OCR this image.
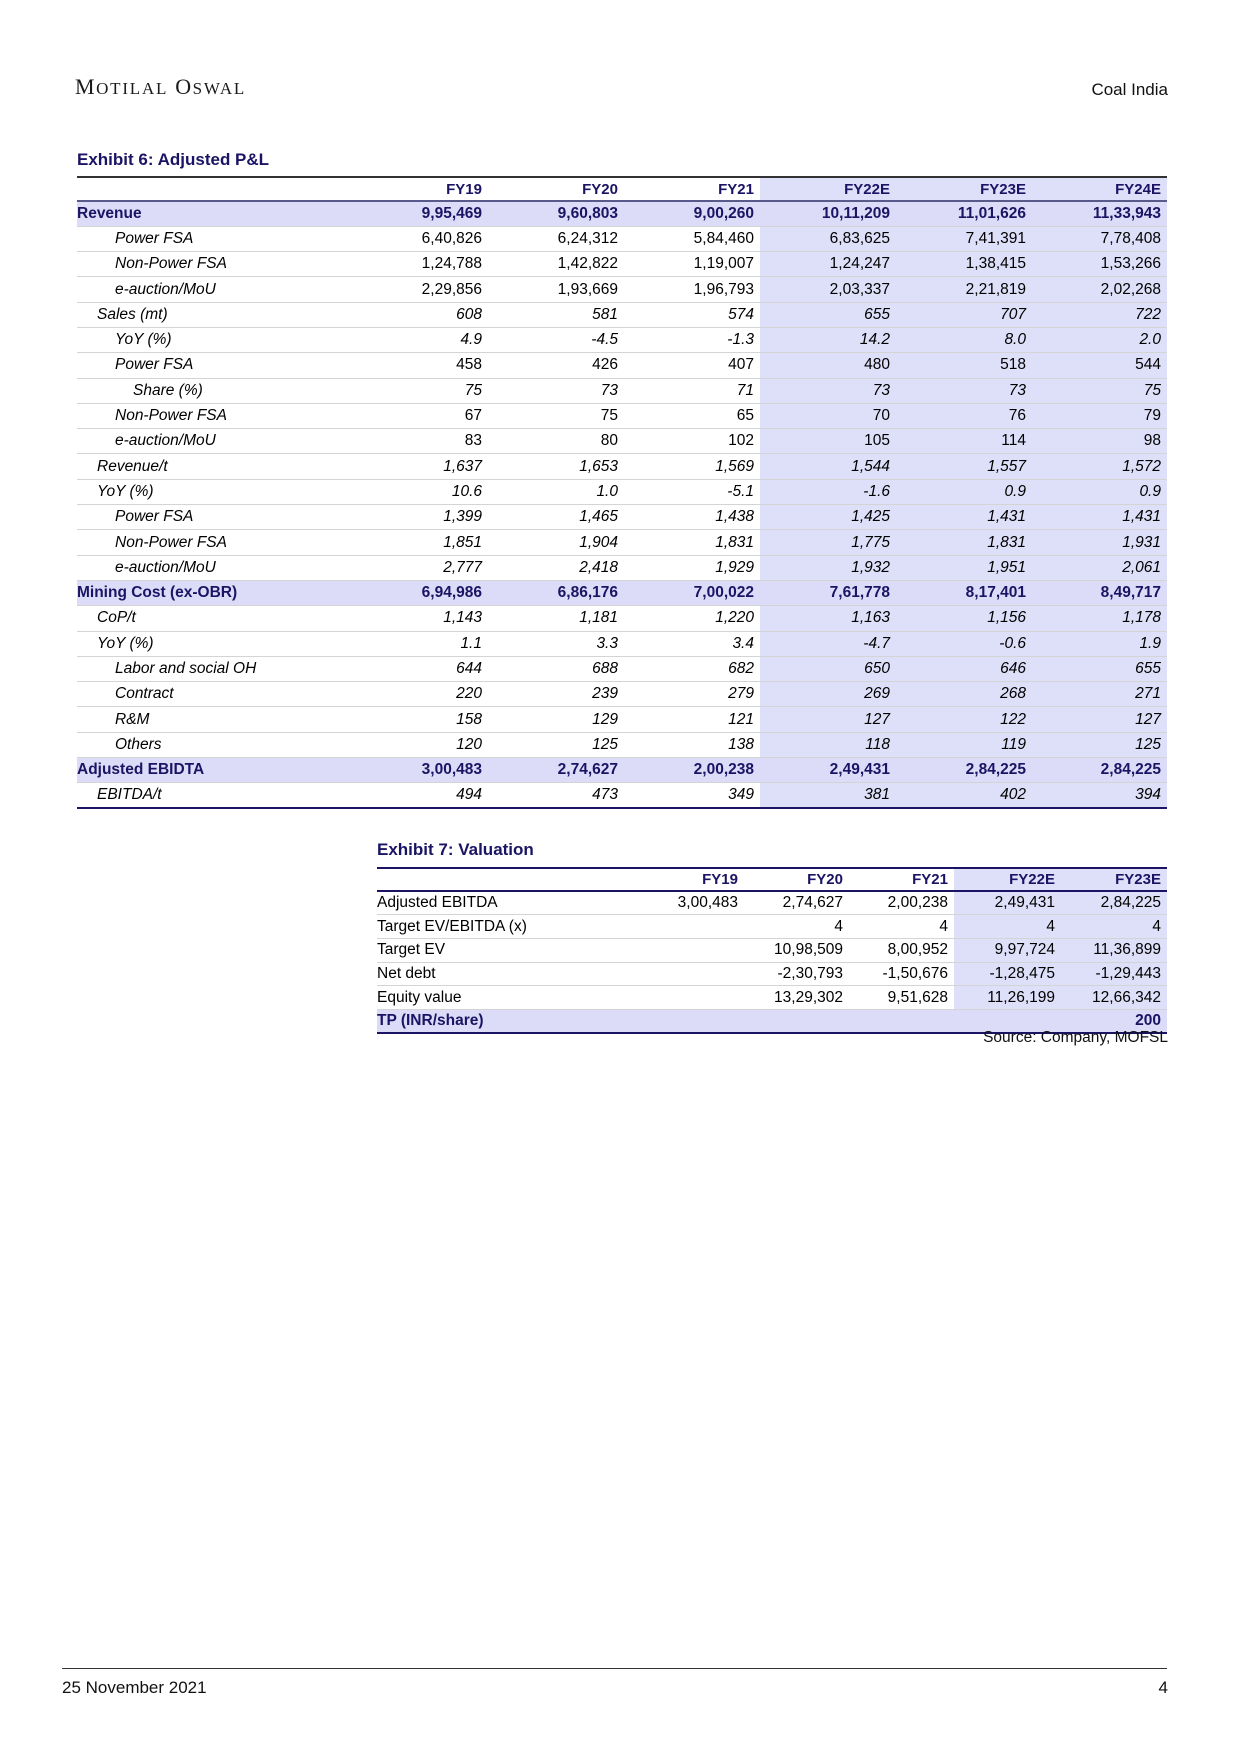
MOTILAL OSWAL	Coal India
Exhibit 6: Adjusted P&L
	FY19	FY20	FY21	FY22E	FY23E	FY24E
Revenue	9,95,469	9,60,803	9,00,260	10,11,209	11,01,626	11,33,943
Power FSA	6,40,826	6,24,312	5,84,460	6,83,625	7,41,391	7,78,408
Non-Power FSA	1,24,788	1,42,822	1,19,007	1,24,247	1,38,415	1,53,266
e-auction/MoU	2,29,856	1,93,669	1,96,793	2,03,337	2,21,819	2,02,268
Sales (mt)	608	581	574	655	707	722
YoY (%)	4.9	-4.5	-1.3	14.2	8.0	2.0
Power FSA	458	426	407	480	518	544
Share (%)	75	73	71	73	73	75
Non-Power FSA	67	75	65	70	76	79
e-auction/MoU	83	80	102	105	114	98
Revenue/t	1,637	1,653	1,569	1,544	1,557	1,572
YoY (%)	10.6	1.0	-5.1	-1.6	0.9	0.9
Power FSA	1,399	1,465	1,438	1,425	1,431	1,431
Non-Power FSA	1,851	1,904	1,831	1,775	1,831	1,931
e-auction/MoU	2,777	2,418	1,929	1,932	1,951	2,061
Mining Cost (ex-OBR)	6,94,986	6,86,176	7,00,022	7,61,778	8,17,401	8,49,717
CoP/t	1,143	1,181	1,220	1,163	1,156	1,178
YoY (%)	1.1	3.3	3.4	-4.7	-0.6	1.9
Labor and social OH	644	688	682	650	646	655
Contract	220	239	279	269	268	271
R&M	158	129	121	127	122	127
Others	120	125	138	118	119	125
Adjusted EBIDTA	3,00,483	2,74,627	2,00,238	2,49,431	2,84,225	2,84,225
EBITDA/t	494	473	349	381	402	394
Exhibit 7: Valuation
	FY19	FY20	FY21	FY22E	FY23E
Adjusted EBITDA	3,00,483	2,74,627	2,00,238	2,49,431	2,84,225
Target EV/EBITDA (x)		4	4	4	4
Target EV		10,98,509	8,00,952	9,97,724	11,36,899
Net debt		-2,30,793	-1,50,676	-1,28,475	-1,29,443
Equity value		13,29,302	9,51,628	11,26,199	12,66,342
TP (INR/share)					200
Source: Company, MOFSL
25 November 2021	4
